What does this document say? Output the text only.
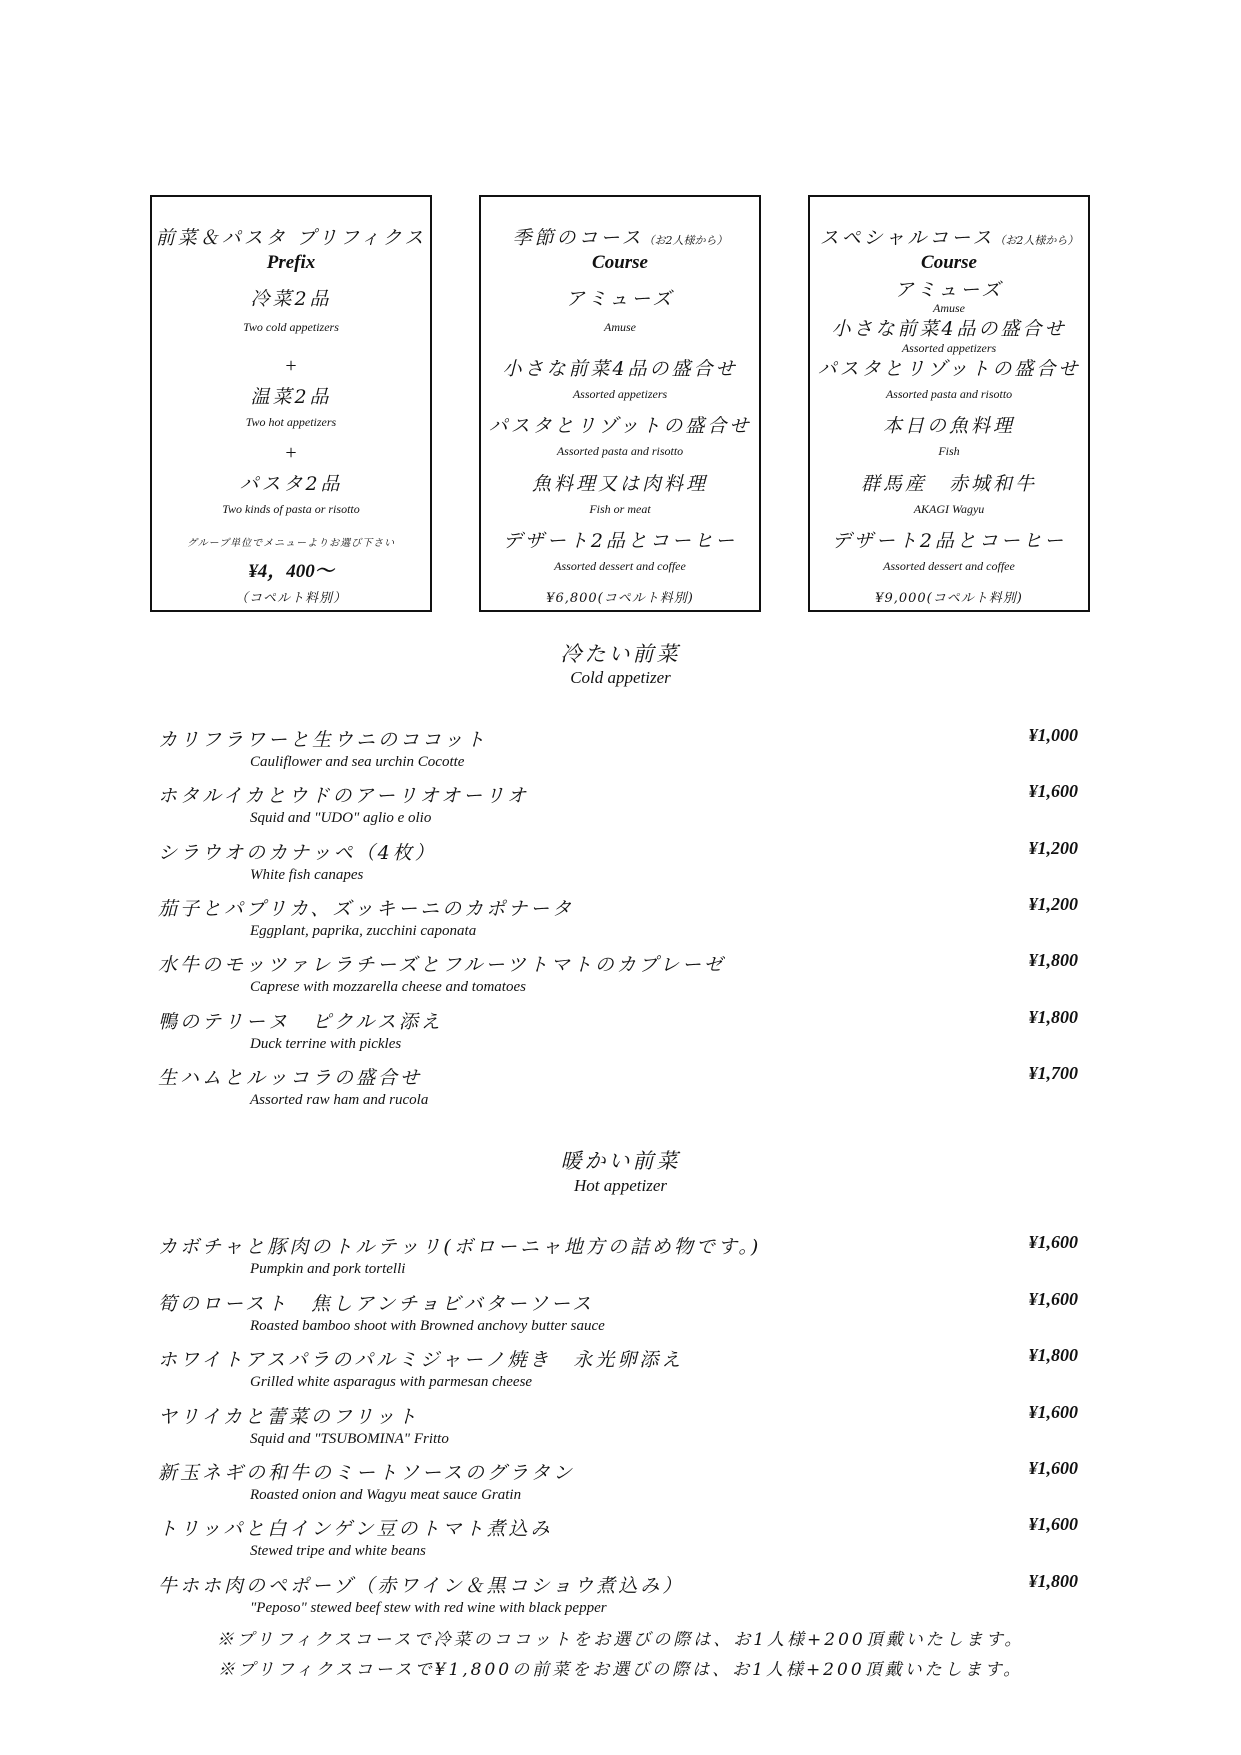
前菜＆パスタ プリフィクス
Prefix
冷菜2品
Two cold appetizers
+
温菜2品
Two hot appetizers
+
パスタ2品
Two kinds of pasta or risotto
グループ単位でメニューよりお選び下さい
¥4，400～
（コペルト料別）
季節のコース（お2人様から）
Course
アミューズ
Amuse
小さな前菜4品の盛合せ
Assorted appetizers
パスタとリゾットの盛合せ
Assorted pasta and risotto
魚料理又は肉料理
Fish or meat
デザート2品とコーヒー
Assorted dessert and coffee
¥6,800(コペルト料別)
スペシャルコース（お2人様から）
Course
アミューズ
Amuse
小さな前菜4品の盛合せ
Assorted appetizers
パスタとリゾットの盛合せ
Assorted pasta and risotto
本日の魚料理
Fish
群馬産　赤城和牛
AKAGI Wagyu
デザート2品とコーヒー
Assorted dessert and coffee
¥9,000(コペルト料別)
冷たい前菜
Cold appetizer
カリフラワーと生ウニのココット
Cauliflower and sea urchin Cocotte
¥1,000
ホタルイカとウドのアーリオオーリオ
Squid and "UDO" aglio e olio
¥1,600
シラウオのカナッペ（4枚）
White fish canapes
¥1,200
茄子とパプリカ、ズッキーニのカポナータ
Eggplant, paprika, zucchini caponata
¥1,200
水牛のモッツァレラチーズとフルーツトマトのカプレーゼ
Caprese with mozzarella cheese and tomatoes
¥1,800
鴨のテリーヌ　ピクルス添え
Duck terrine with pickles
¥1,800
生ハムとルッコラの盛合せ
Assorted raw ham and rucola
¥1,700
暖かい前菜
Hot appetizer
カボチャと豚肉のトルテッリ(ボローニャ地方の詰め物です。)
Pumpkin and pork tortelli
¥1,600
筍のロースト　焦しアンチョビバターソース
Roasted bamboo shoot with Browned anchovy butter sauce
¥1,600
ホワイトアスパラのパルミジャーノ焼き　永光卵添え
Grilled white asparagus with parmesan cheese
¥1,800
ヤリイカと蕾菜のフリット
Squid and "TSUBOMINA" Fritto
¥1,600
新玉ネギの和牛のミートソースのグラタン
Roasted onion and Wagyu meat sauce Gratin
¥1,600
トリッパと白インゲン豆のトマト煮込み
Stewed tripe and white beans
¥1,600
牛ホホ肉のペポーゾ（赤ワイン＆黒コショウ煮込み）
"Peposo" stewed beef stew with red wine with black pepper
¥1,800
※プリフィクスコースで冷菜のココットをお選びの際は、お1人様+200頂戴いたします。
※プリフィクスコースで¥1,800の前菜をお選びの際は、お1人様+200頂戴いたします。
